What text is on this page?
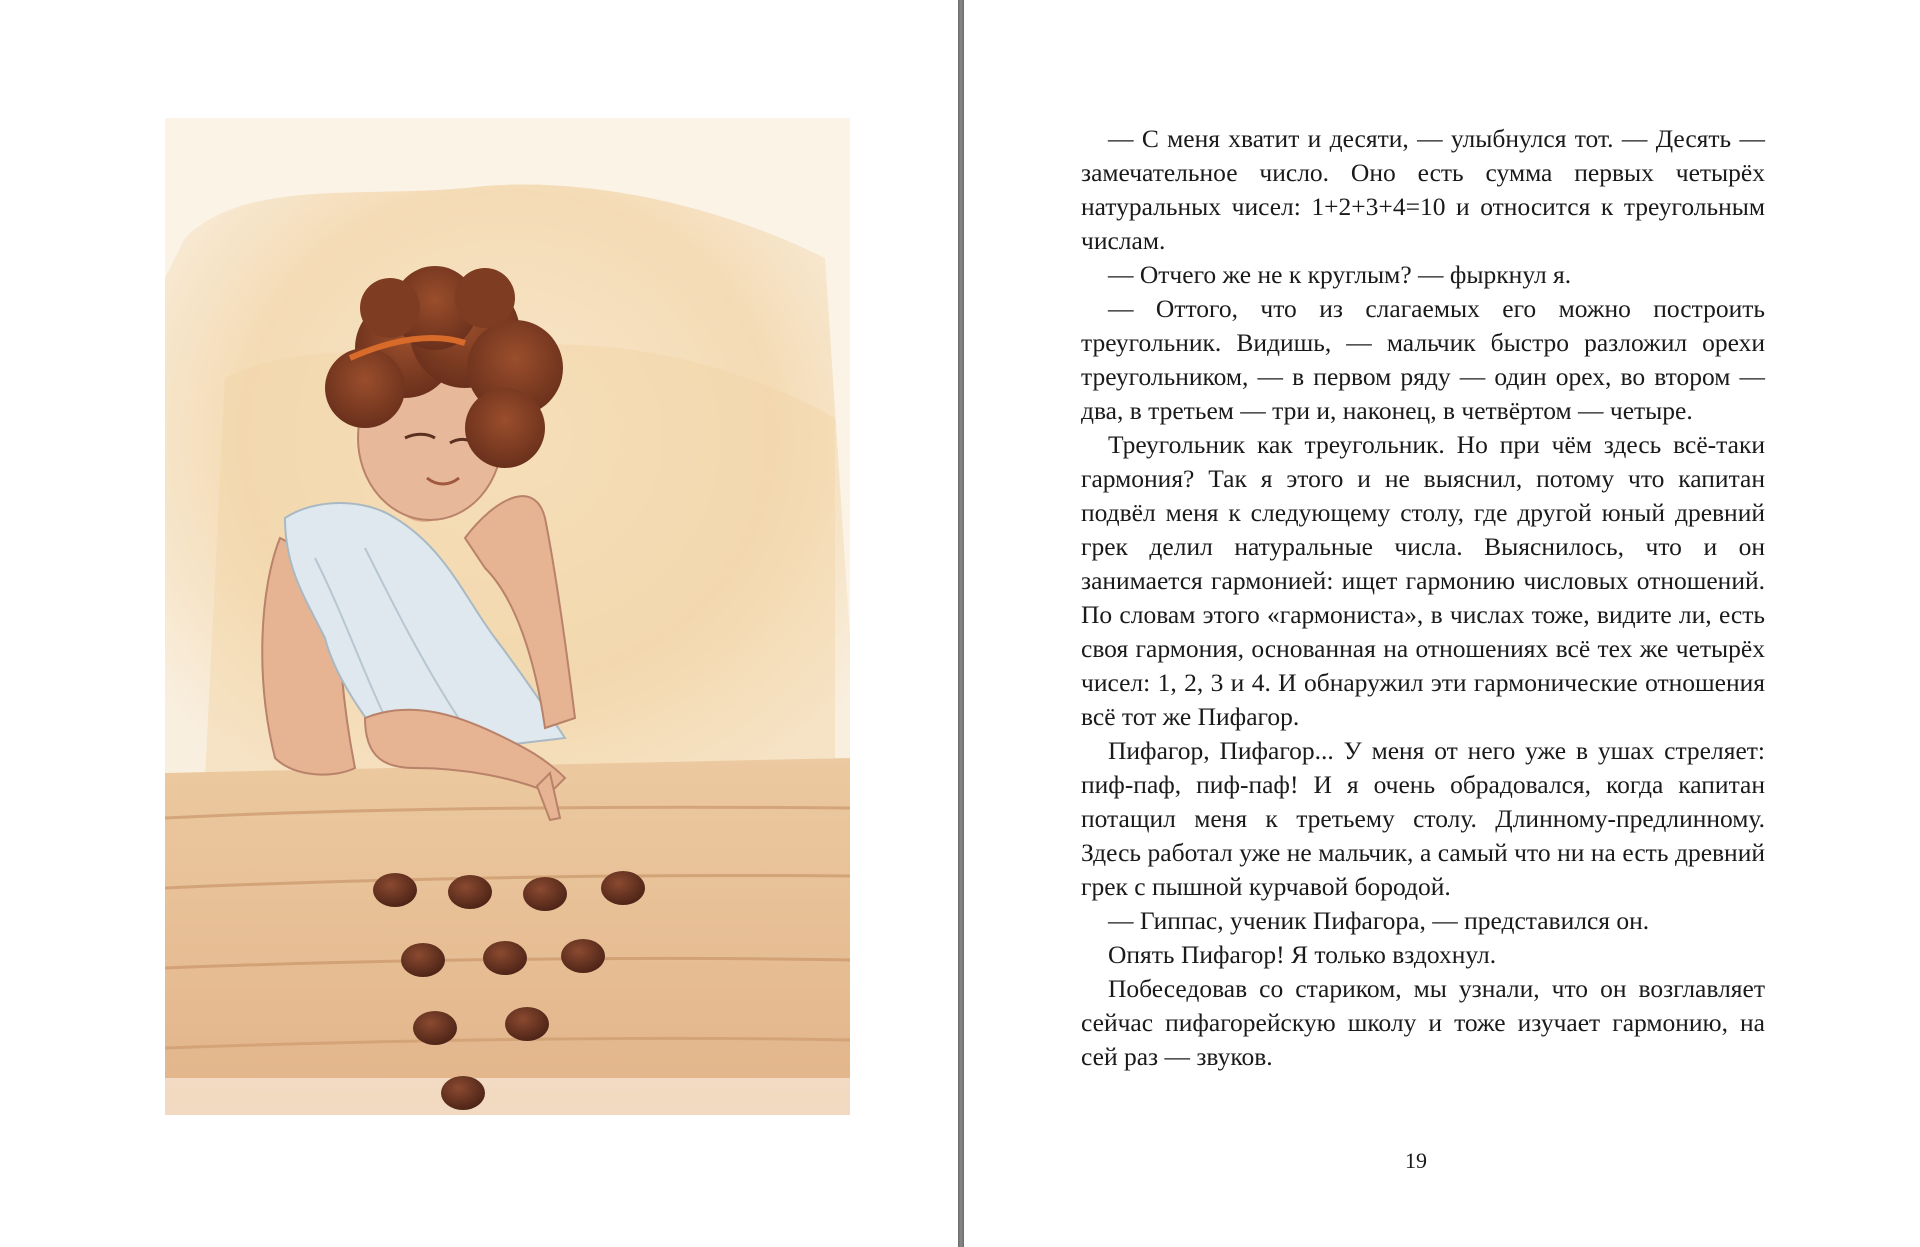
— С меня хватит и десяти, — улыбнулся тот. — Десять — замечательное число. Оно есть сумма первых четырёх натуральных чисел: 1+2+3+4=10 и относится к треугольным числам.

— Отчего же не к круглым? — фыркнул я.

— Оттого, что из слагаемых его можно построить треугольник. Видишь, — мальчик быстро разложил орехи треугольником, — в первом ряду — один орех, во втором — два, в третьем — три и, наконец, в четвёртом — четыре.

Треугольник как треугольник. Но при чём здесь всё-таки гармония? Так я этого и не выяснил, потому что капитан подвёл меня к следующему столу, где другой юный древний грек делил натуральные числа. Выяснилось, что и он занимается гармонией: ищет гармонию числовых отношений. По словам этого «гармониста», в числах тоже, видите ли, есть своя гармония, основанная на отношениях всё тех же четырёх чисел: 1, 2, 3 и 4. И обнаружил эти гармонические отношения всё тот же Пифагор.

Пифагор, Пифагор... У меня от него уже в ушах стреляет: пиф-паф, пиф-паф! И я очень обрадовался, когда капитан потащил меня к третьему столу. Длинному-предлинному. Здесь работал уже не мальчик, а самый что ни на есть древний грек с пышной курчавой бородой.

— Гиппас, ученик Пифагора, — представился он.

Опять Пифагор! Я только вздохнул.

Побеседовав со стариком, мы узнали, что он возглавляет сейчас пифагорейскую школу и тоже изучает гармонию, на сей раз — звуков.

19
